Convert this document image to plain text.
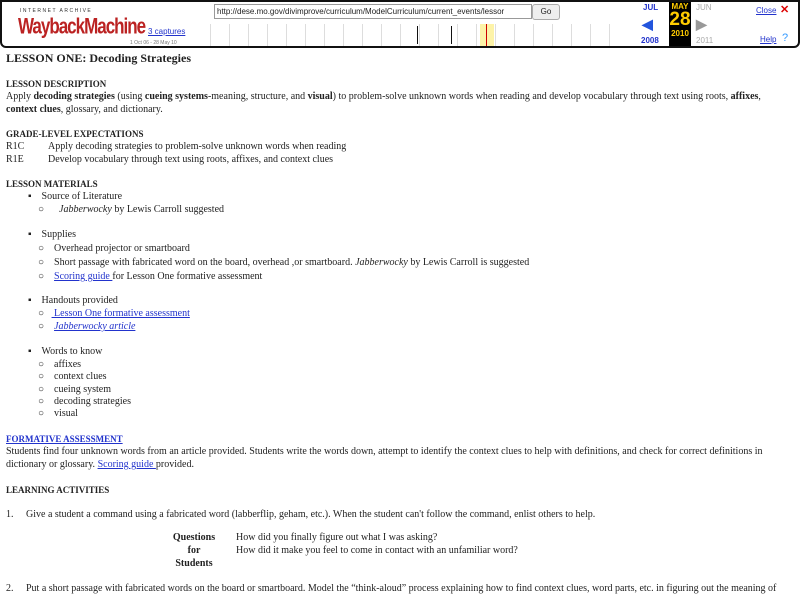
INTERNET ARCHIVE
WaybackMachine
http://dese.mo.gov/divimprove/curriculum/ModelCurriculum/current_events/lessor	Go
3 captures
1 Oct 06 - 28 May 10
JUL
◀
2008
MAY
28
2010
JUN
▶
2011
Close ✕
Help ?
LESSON ONE: Decoding Strategies
LESSON DESCRIPTION
Apply decoding strategies (using cueing systems-meaning, structure, and visual) to problem-solve unknown words when reading and develop vocabulary through text using roots, affixes,
context clues, glossary, and dictionary.
GRADE-LEVEL EXPECTATIONS
R1C Apply decoding strategies to problem-solve unknown words when reading
R1E Develop vocabulary through text using roots, affixes, and context clues
LESSON MATERIALS
▪    Source of Literature
○      Jabberwocky by Lewis Carroll suggested
▪    Supplies
○    Overhead projector or smartboard
○    Short passage with fabricated word on the board, overhead ,or smartboard. Jabberwocky by Lewis Carroll is suggested
○    Scoring guide for Lesson One formative assessment
▪    Handouts provided
○    Lesson One formative assessment
○    Jabberwocky article
▪    Words to know
○    affixes
○    context clues
○    cueing system
○    decoding strategies
○    visual
FORMATIVE ASSESSMENT
Students find four unknown words from an article provided. Students write the words down, attempt to identify the context clues to help with definitions, and check for correct definitions in
dictionary or glossary. Scoring guide provided.
LEARNING ACTIVITIES
1. Give a student a command using a fabricated word (labberflip, geham, etc.). When the student can't follow the command, enlist others to help.
Questions
for
Students
How did you finally figure out what I was asking?
How did it make you feel to come in contact with an unfamiliar word?
2. Put a short passage with fabricated words on the board or smartboard. Model the “think-aloud” process explaining how to find context clues, word parts, etc. in figuring out the meaning of
